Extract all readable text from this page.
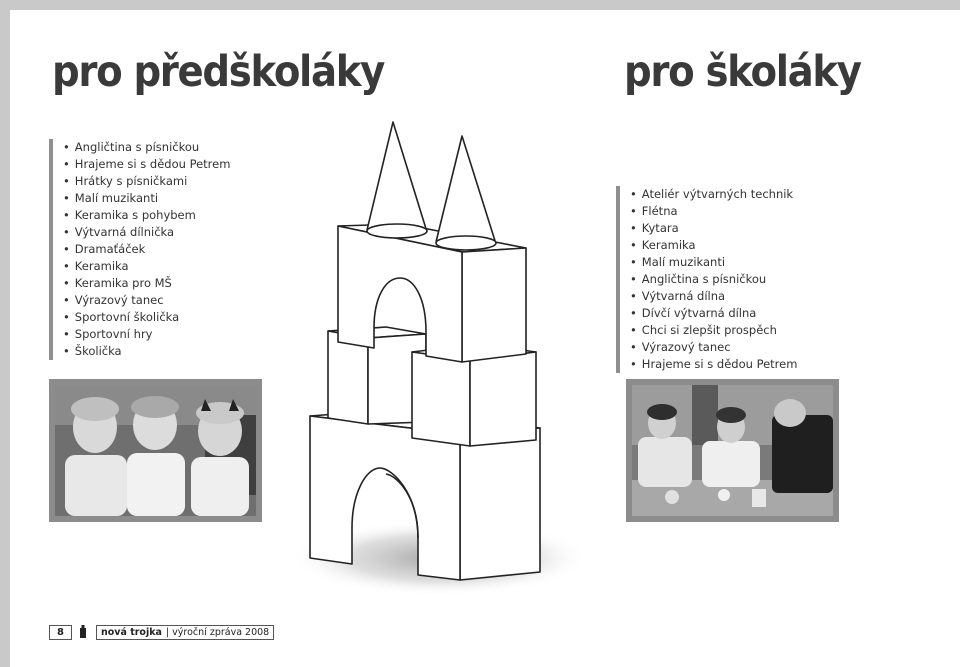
pro předškoláky	pro školáky
• Angličtina s písničkou
• Hrajeme si s dědou Petrem
• Hrátky s písničkami
• Malí muzikanti
• Keramika s pohybem
• Výtvarná dílnička
• Dramaťáček
• Keramika
• Keramika pro MŠ
• Výrazový tanec
• Sportovní školička
• Sportovní hry
• Školička
• Ateliér výtvarných technik
• Flétna
• Kytara
• Keramika
• Malí muzikanti
• Angličtina s písničkou
• Výtvarná dílna
• Dívčí výtvarná dílna
• Chci si zlepšit prospěch
• Výrazový tanec
• Hrajeme si s dědou Petrem
8	nová trojka | výroční zpráva 2008
